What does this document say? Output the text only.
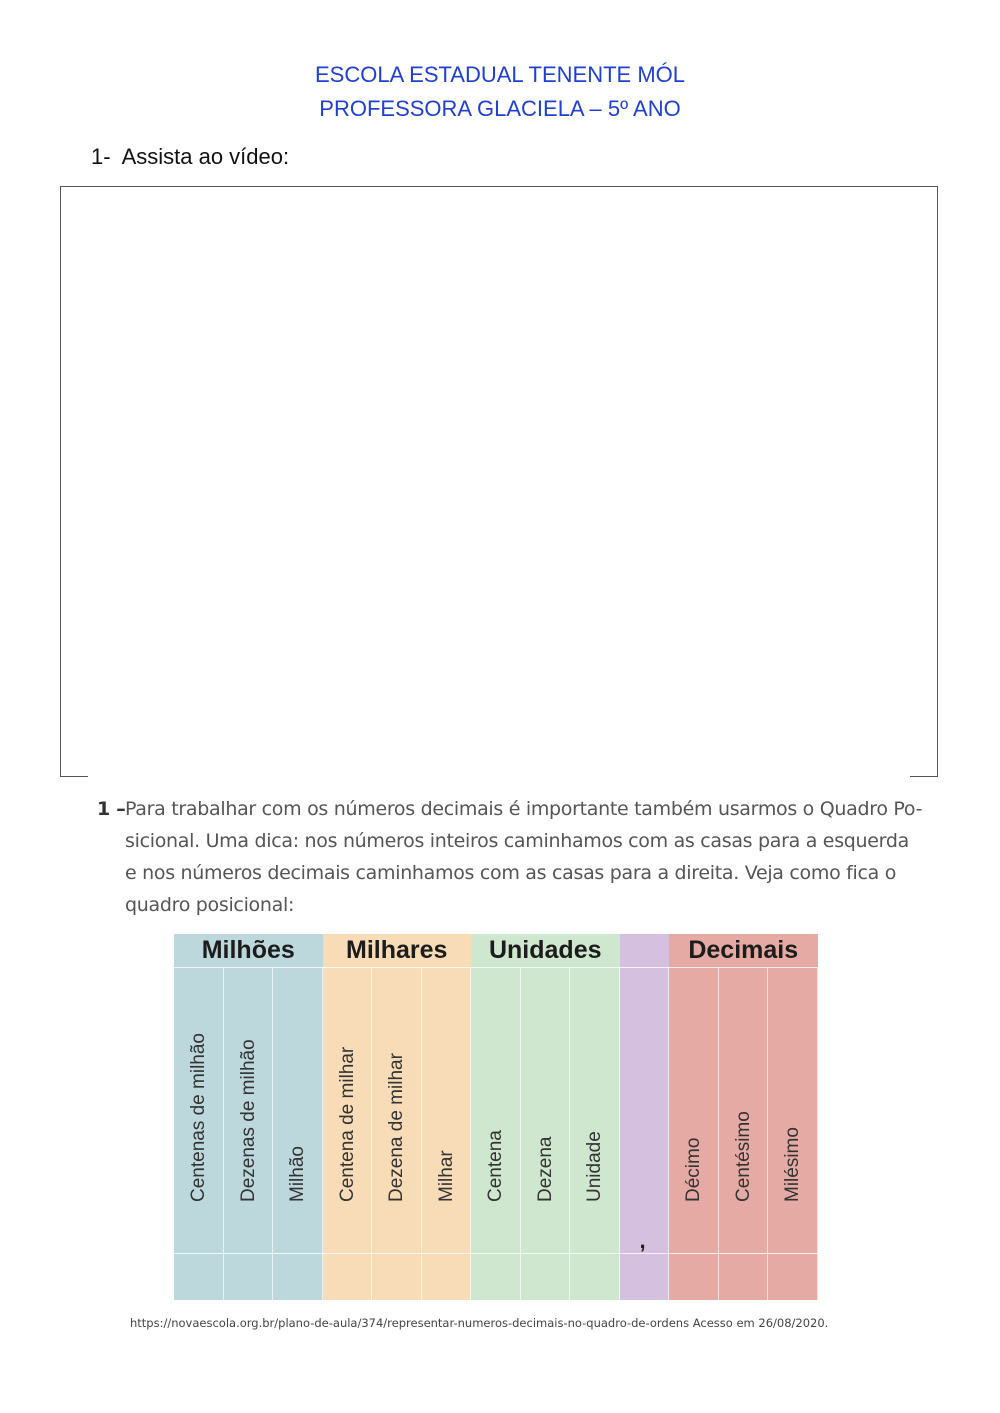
ESCOLA ESTADUAL TENENTE MÓL
PROFESSORA GLACIELA – 5º ANO
1- Assista ao vídeo:
1 – Para trabalhar com os números decimais é importante também usarmos o Quadro Po-
sicional. Uma dica: nos números inteiros caminhamos com as casas para a esquerda
e nos números decimais caminhamos com as casas para a direita. Veja como fica o
quadro posicional:
Milhões
Centenas de milhão Dezenas de milhão Milhão
Milhares
Centena de milhar Dezena de milhar Milhar
Unidades
Centena Dezena Unidade
,
Decimais
Décimo Centésimo Milésimo
https://novaescola.org.br/plano-de-aula/374/representar-numeros-decimais-no-quadro-de-ordens Acesso em 26/08/2020.
